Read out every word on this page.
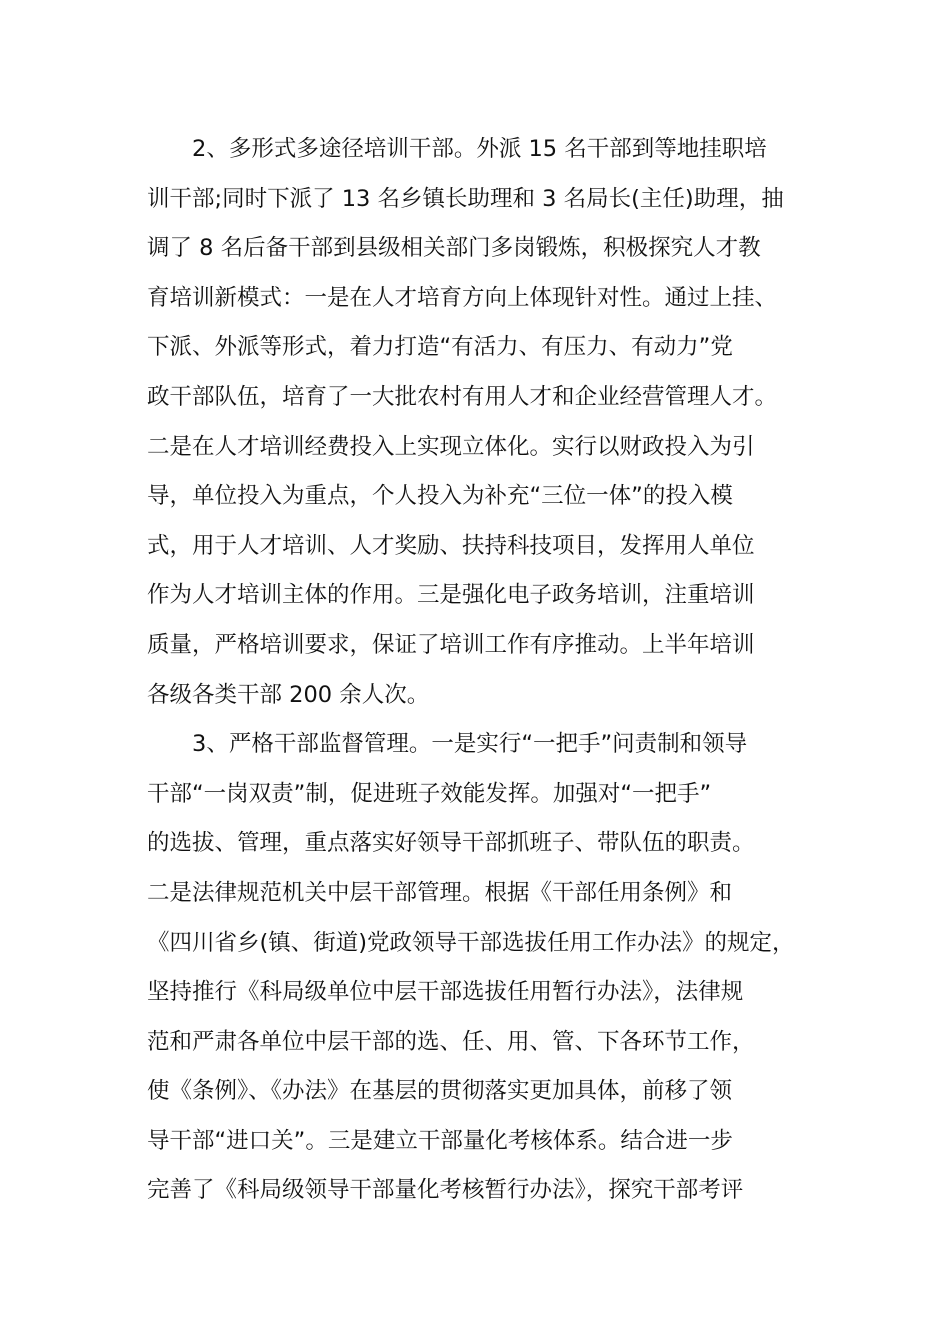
2、多形式多途径培训干部。外派 15 名干部到等地挂职培

训干部;同时下派了 13 名乡镇长助理和 3 名局长(主任)助理，抽

调了 8 名后备干部到县级相关部门多岗锻炼，积极探究人才教

育培训新模式：一是在人才培育方向上体现针对性。通过上挂、

下派、外派等形式，着力打造“有活力、有压力、有动力”党

政干部队伍，培育了一大批农村有用人才和企业经营管理人才。

二是在人才培训经费投入上实现立体化。实行以财政投入为引

导，单位投入为重点，个人投入为补充“三位一体”的投入模

式，用于人才培训、人才奖励、扶持科技项目，发挥用人单位

作为人才培训主体的作用。三是强化电子政务培训，注重培训

质量，严格培训要求，保证了培训工作有序推动。上半年培训

各级各类干部 200 余人次。

3、严格干部监督管理。一是实行“一把手”问责制和领导

干部“一岗双责”制，促进班子效能发挥。加强对“一把手”

的选拔、管理，重点落实好领导干部抓班子、带队伍的职责。

二是法律规范机关中层干部管理。根据《干部任用条例》和

《四川省乡(镇、街道)党政领导干部选拔任用工作办法》的规定，

坚持推行《科局级单位中层干部选拔任用暂行办法》，法律规

范和严肃各单位中层干部的选、任、用、管、下各环节工作，

使《条例》、《办法》在基层的贯彻落实更加具体，前移了领

导干部“进口关”。三是建立干部量化考核体系。结合进一步

完善了《科局级领导干部量化考核暂行办法》，探究干部考评
